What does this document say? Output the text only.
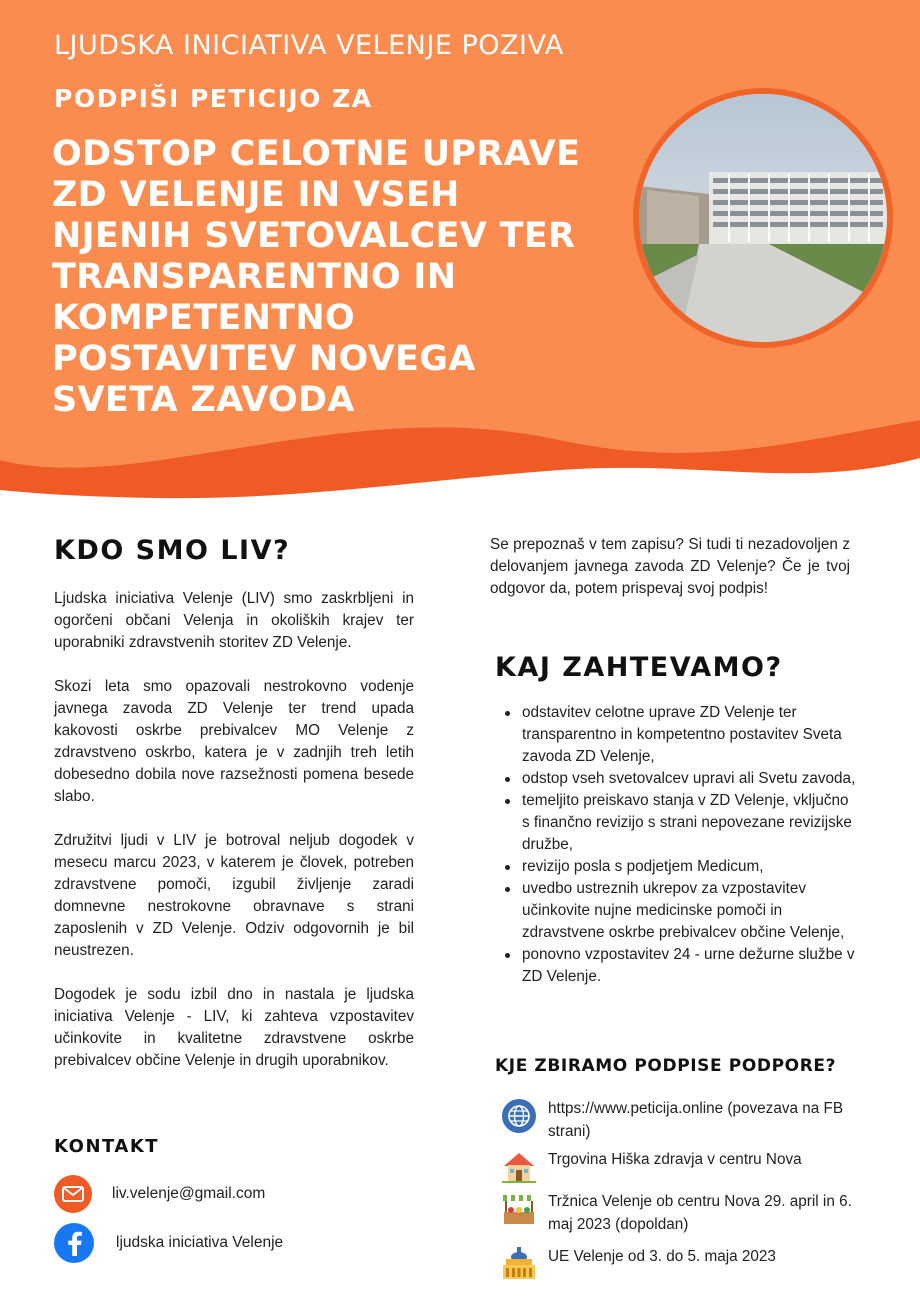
LJUDSKA INICIATIVA VELENJE POZIVA
PODPIŠI PETICIJO ZA
ODSTOP CELOTNE UPRAVE
ZD VELENJE IN VSEH
NJENIH SVETOVALCEV TER
TRANSPARENTNO IN
KOMPETENTNO
POSTAVITEV NOVEGA
SVETA ZAVODA
KDO SMO LIV?

Ljudska iniciativa Velenje (LIV) smo zaskrbljeni in ogorčeni občani Velenja in okoliških krajev ter uporabniki zdravstvenih storitev ZD Velenje.

Skozi leta smo opazovali nestrokovno vodenje javnega zavoda ZD Velenje ter trend upada kakovosti oskrbe prebivalcev MO Velenje z zdravstveno oskrbo, katera je v zadnjih treh letih dobesedno dobila nove razsežnosti pomena besede slabo.

Združitvi ljudi v LIV je botroval neljub dogodek v mesecu marcu 2023, v katerem je človek, potreben zdravstvene pomoči, izgubil življenje zaradi domnevne nestrokovne obravnave s strani zaposlenih v ZD Velenje. Odziv odgovornih je bil neustrezen.

Dogodek je sodu izbil dno in nastala je ljudska iniciativa Velenje - LIV, ki zahteva vzpostavitev učinkovite in kvalitetne zdravstvene oskrbe prebivalcev občine Velenje in drugih uporabnikov.

KONTAKT
liv.velenje@gmail.com
ljudska iniciativa Velenje

Se prepoznaš v tem zapisu? Si tudi ti nezadovoljen z delovanjem javnega zavoda ZD Velenje? Če je tvoj odgovor da, potem prispevaj svoj podpis!

KAJ ZAHTEVAMO?
odstavitev celotne uprave ZD Velenje ter transparentno in kompetentno postavitev Sveta zavoda ZD Velenje,
odstop vseh svetovalcev upravi ali Svetu zavoda,
temeljito preiskavo stanja v ZD Velenje, vključno s finančno revizijo s strani nepovezane revizijske družbe,
revizijo posla s podjetjem Medicum,
uvedbo ustreznih ukrepov za vzpostavitev učinkovite nujne medicinske pomoči in zdravstvene oskrbe prebivalcev občine Velenje,
ponovno vzpostavitev 24 - urne dežurne službe v ZD Velenje.
KJE ZBIRAMO PODPISE PODPORE?
https://www.peticija.online (povezava na FB strani)
Trgovina Hiška zdravja v centru Nova
Tržnica Velenje ob centru Nova 29. april in 6. maj 2023 (dopoldan)
UE Velenje od 3. do 5. maja 2023
